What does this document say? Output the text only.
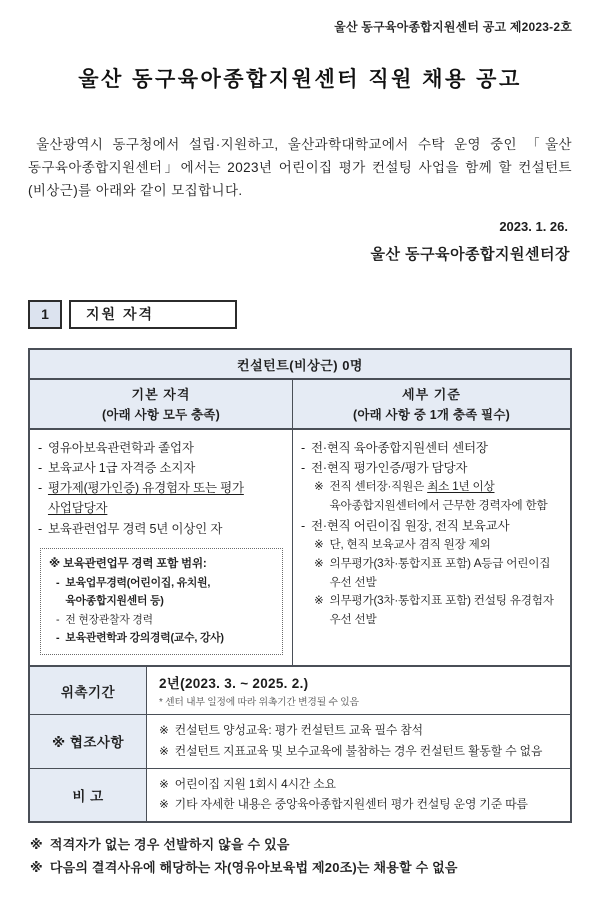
울산 동구육아종합지원센터 공고 제2023-2호
울산 동구육아종합지원센터 직원 채용 공고

울산광역시 동구청에서 설립·지원하고, 울산과학대학교에서 수탁 운영 중인 「울산 동구육아종합지원센터」에서는 2023년 어린이집 평가 컨설팅 사업을 함께 할 컨설턴트(비상근)를 아래와 같이 모집합니다.

2023. 1. 26.
울산 동구육아종합지원센터장
1	지원 자격
컨설턴트(비상근) 0명
기본 자격
(아래 사항 모두 충족)
세부 기준
(아래 사항 중 1개 충족 필수)
- 영유아보육관련학과 졸업자
- 보육교사 1급 자격증 소지자
- 평가제(평가인증) 유경험자 또는 평가 사업담당자
- 보육관련업무 경력 5년 이상인 자
※ 보육관련업무 경력 포함 범위:
- 보육업무경력(어린이집, 유치원, 육아종합지원센터 등)
- 전 현장관찰자 경력
- 보육관련학과 강의경력(교수, 강사)
- 전·현직 육아종합지원센터 센터장
- 전·현직 평가인증/평가 담당자
※ 전직 센터장·직원은 최소 1년 이상 육아종합지원센터에서 근무한 경력자에 한함
- 전·현직 어린이집 원장, 전직 보육교사
※ 단, 현직 보육교사 겸직 원장 제외
※ 의무평가(3차·통합지표 포함) A등급 어린이집 우선 선발
※ 의무평가(3차·통합지표 포함) 컨설팅 유경험자 우선 선발
위촉기간
2년(2023. 3. ~ 2025. 2.)
* 센터 내부 일정에 따라 위촉기간 변경될 수 있음
※ 협조사항
※ 컨설턴트 양성교육: 평가 컨설턴트 교육 필수 참석
※ 컨설턴트 지표교육 및 보수교육에 불참하는 경우 컨설턴트 활동할 수 없음
비 고
※ 어린이집 지원 1회시 4시간 소요
※ 기타 자세한 내용은 중앙육아종합지원센터 평가 컨설팅 운영 기준 따름
※ 적격자가 없는 경우 선발하지 않을 수 있음
※ 다음의 결격사유에 해당하는 자(영유아보육법 제20조)는 채용할 수 없음
